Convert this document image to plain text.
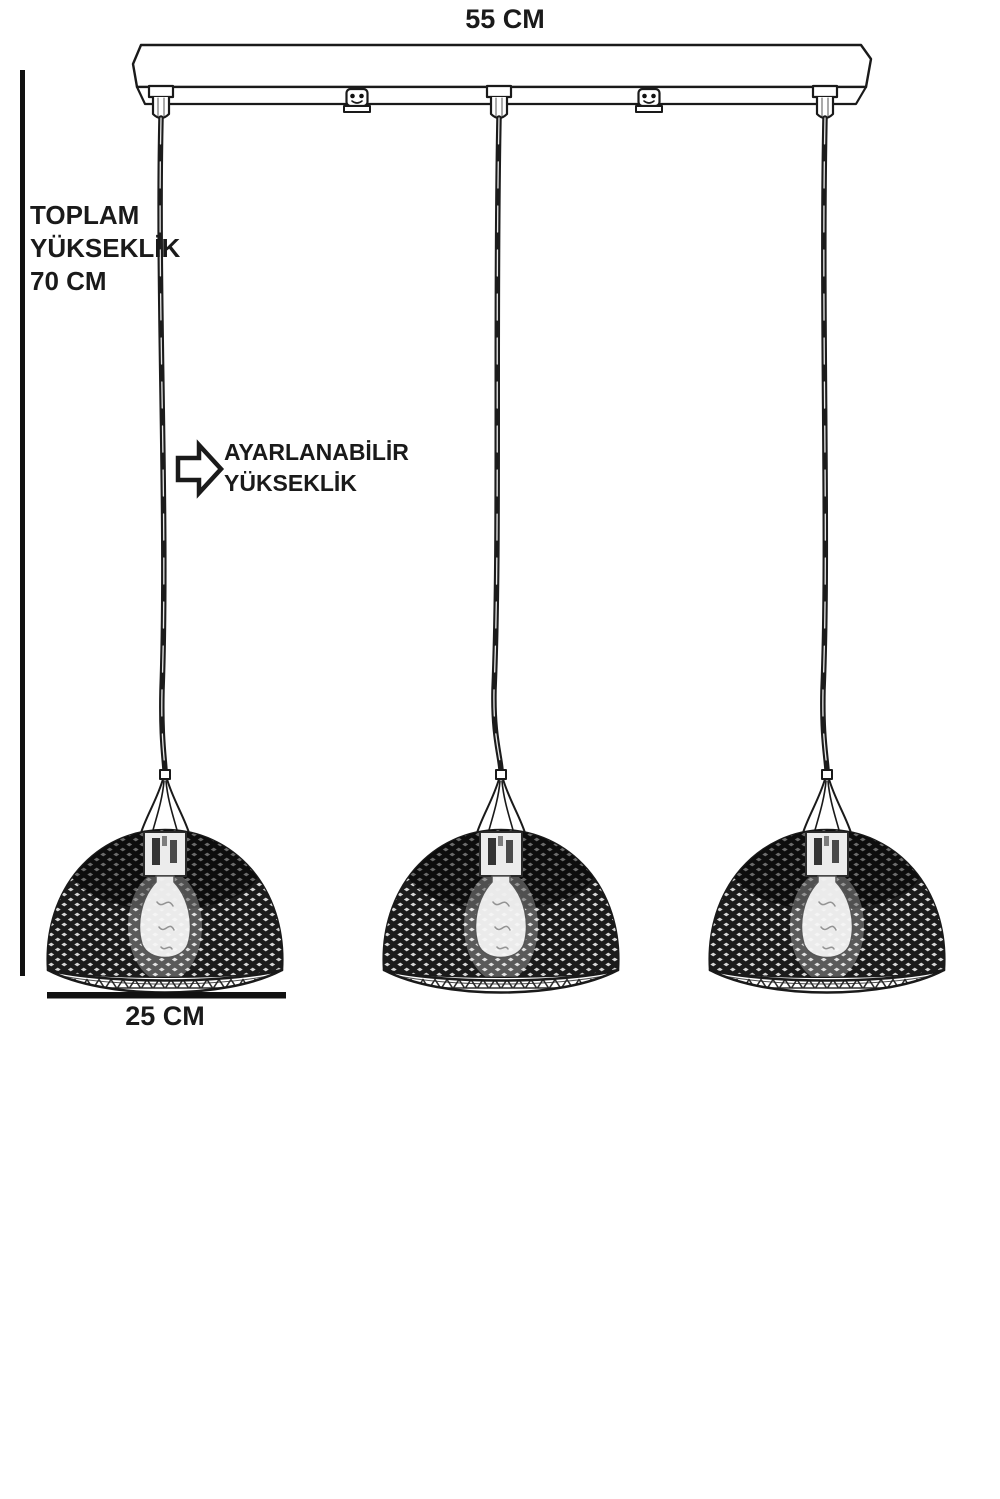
55 CM
TOPLAM
YÜKSEKLİK
70 CM
AYARLANABİLİR
YÜKSEKLİK
25 CM
